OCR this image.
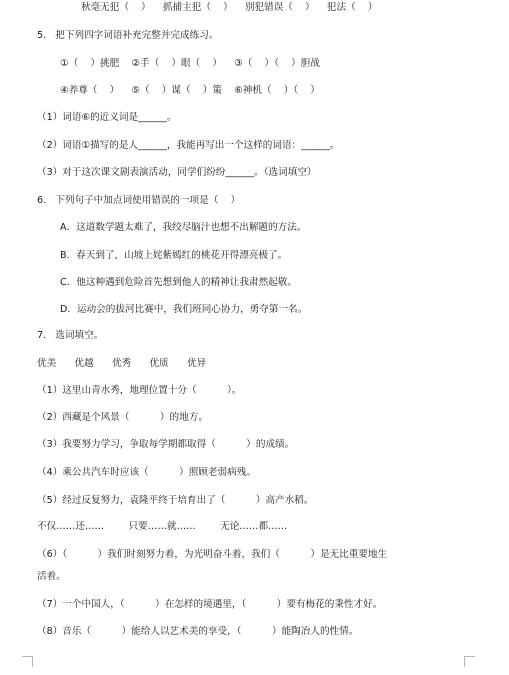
秋毫无犯（    ）    抓捕主犯（    ）    别犯错误（    ）    犯法（    ）
5.   把下列四字词语补充完整并完成练习。
①（    ）挑肥    ②手（    ）眼（    ）    ③（    ）（    ）胆战
④养尊（    ）    ⑤（    ）谋（    ）策    ⑥神机（    ）（    ）
（1）词语⑥的近义词是______。
（2）词语①描写的是人______，我能再写出一个这样的词语：______。
（3）对于这次课文剧表演活动，同学们纷纷______。（选词填空）
6.   下列句子中加点词使用错误的一项是（    ）
A．这道数学题太难了，我绞尽脑汁也想不出解题的方法。
B．春天到了，山坡上姹紫嫣红的桃花开得漂亮极了。
C．他这种遇到危险首先想到他人的精神让我肃然起敬。
D．运动会的拔河比赛中，我们班同心协力，勇夺第一名。
7.   选词填空。
优美      优越      优秀      优质      优异
（1）这里山青水秀，地理位置十分（          ）。
（2）西藏是个风景（          ）的地方。
（3）我要努力学习，争取每学期都取得（          ）的成绩。
（4）乘公共汽车时应该（          ）照顾老弱病残。
（5）经过反复努力，袁隆平终于培育出了（          ）高产水稻。
不仅……还……        只要……就……        无论……都……
（6）（          ）我们时刻努力着，为光明奋斗着，我们（          ）是无比重要地生
活着。
（7）一个中国人，（          ）在怎样的境遇里，（          ）要有梅花的秉性才好。
（8）音乐（          ）能给人以艺术美的享受，（          ）能陶冶人的性情。
